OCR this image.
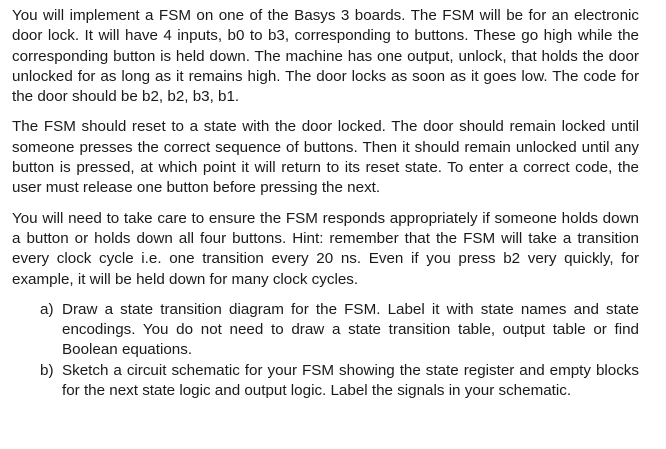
You will implement a FSM on one of the Basys 3 boards. The FSM will be for an electronic door lock. It will have 4 inputs, b0 to b3, corresponding to buttons. These go high while the corresponding button is held down. The machine has one output, unlock, that holds the door unlocked for as long as it remains high. The door locks as soon as it goes low. The code for the door should be b2, b2, b3, b1.

The FSM should reset to a state with the door locked. The door should remain locked until someone presses the correct sequence of buttons. Then it should remain unlocked until any button is pressed, at which point it will return to its reset state. To enter a correct code, the user must release one button before pressing the next.

You will need to take care to ensure the FSM responds appropriately if someone holds down a button or holds down all four buttons. Hint: remember that the FSM will take a transition every clock cycle i.e. one transition every 20 ns. Even if you press b2 very quickly, for example, it will be held down for many clock cycles.

a) Draw a state transition diagram for the FSM. Label it with state names and state encodings. You do not need to draw a state transition table, output table or find Boolean equations.
b) Sketch a circuit schematic for your FSM showing the state register and empty blocks for the next state logic and output logic. Label the signals in your schematic.
